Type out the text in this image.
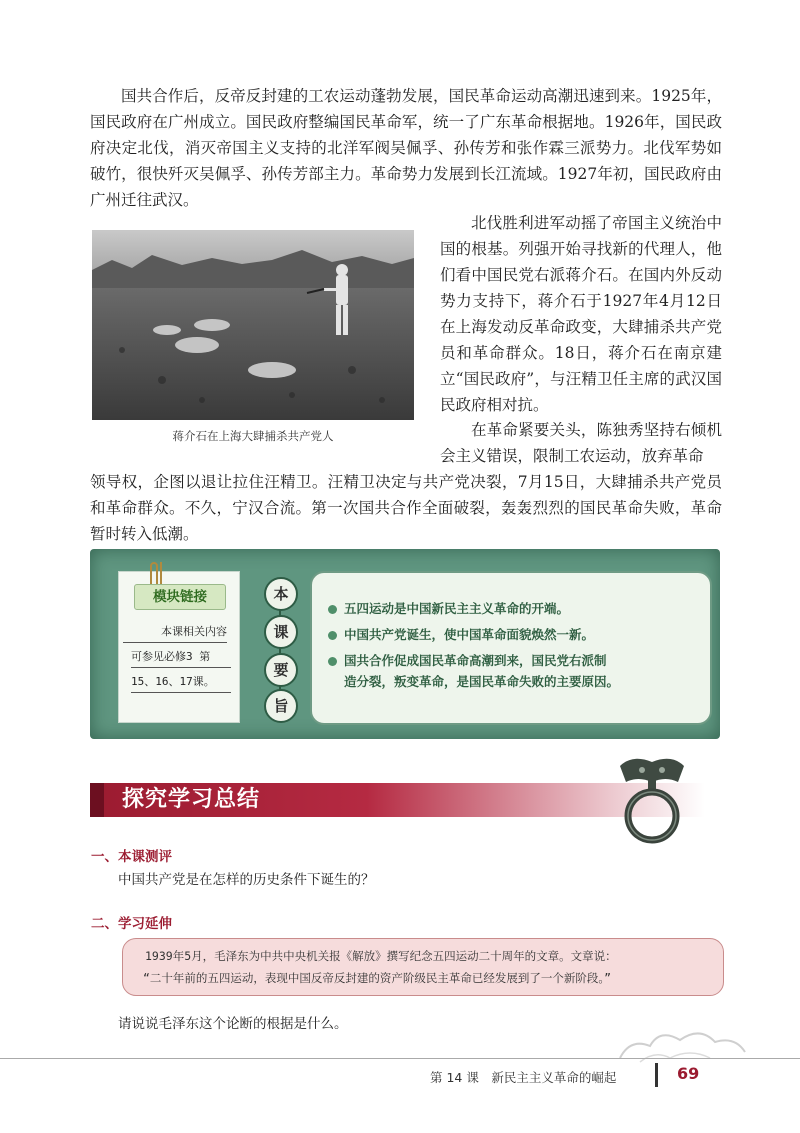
国共合作后，反帝反封建的工农运动蓬勃发展，国民革命运动高潮迅速到来。1925年，国民政府在广州成立。国民政府整编国民革命军，统一了广东革命根据地。1926年，国民政府决定北伐，消灭帝国主义支持的北洋军阀吴佩孚、孙传芳和张作霖三派势力。北伐军势如破竹，很快歼灭吴佩孚、孙传芳部主力。革命势力发展到长江流域。1927年初，国民政府由广州迁往武汉。

蒋介石在上海大肆捕杀共产党人

北伐胜利进军动摇了帝国主义统治中国的根基。列强开始寻找新的代理人，他们看中国民党右派蒋介石。在国内外反动势力支持下，蒋介石于1927年4月12日在上海发动反革命政变，大肆捕杀共产党员和革命群众。18日，蒋介石在南京建立“国民政府”，与汪精卫任主席的武汉国民政府相对抗。

在革命紧要关头，陈独秀坚持右倾机会主义错误，限制工农运动，放弃革命

领导权，企图以退让拉住汪精卫。汪精卫决定与共产党决裂，7月15日，大肆捕杀共产党员和革命群众。不久，宁汉合流。第一次国共合作全面破裂，轰轰烈烈的国民革命失败，革命暂时转入低潮。

模块链接
本课相关内容
可参见必修3 第
15、16、17课。
本
课
要
旨
五四运动是中国新民主主义革命的开端。
中国共产党诞生，使中国革命面貌焕然一新。
国共合作促成国民革命高潮到来，国民党右派制
造分裂，叛变革命，是国民革命失败的主要原因。
探究学习总结
一、本课测评
中国共产党是在怎样的历史条件下诞生的？
二、学习延伸
1939年5月，毛泽东为中共中央机关报《解放》撰写纪念五四运动二十周年的文章。文章说：
“二十年前的五四运动，表现中国反帝反封建的资产阶级民主革命已经发展到了一个新阶段。”
请说说毛泽东这个论断的根据是什么。
第 14 课　新民主主义革命的崛起	69
